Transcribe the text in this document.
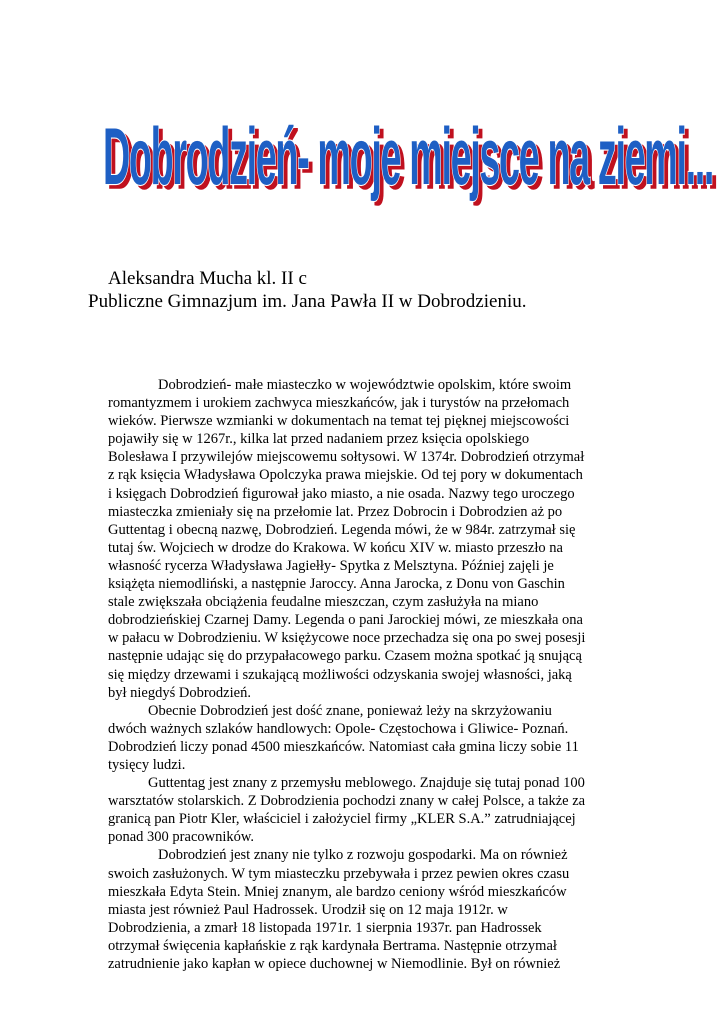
Dobrodzień- moje miejsce na ziemi...
Dobrodzień- moje miejsce na ziemi...
Aleksandra Mucha kl. II c
Publiczne Gimnazjum im. Jana Pawła II w Dobrodzieniu.

Dobrodzień- małe miasteczko w województwie opolskim, które swoim romantyzmem i urokiem zachwyca mieszkańców, jak i turystów na przełomach wieków. Pierwsze wzmianki w dokumentach na temat tej pięknej miejscowości pojawiły się w 1267r., kilka lat przed nadaniem przez księcia opolskiego Bolesława I przywilejów miejscowemu sołtysowi. W 1374r. Dobrodzień otrzymał z rąk księcia Władysława Opolczyka prawa miejskie. Od tej pory w dokumentach i księgach Dobrodzień figurował jako miasto, a nie osada. Nazwy tego uroczego miasteczka zmieniały się na przełomie lat. Przez Dobrocin i Dobrodzien aż po Guttentag i obecną nazwę, Dobrodzień. Legenda mówi, że w 984r. zatrzymał się tutaj św. Wojciech w drodze do Krakowa. W końcu XIV w. miasto przeszło na własność rycerza Władysława Jagiełły- Spytka z Melsztyna. Później zajęli je książęta niemodliński, a następnie Jaroccy. Anna Jarocka, z Donu von Gaschin stale zwiększała obciążenia feudalne mieszczan, czym zasłużyła na miano dobrodzieńskiej Czarnej Damy. Legenda o pani Jarockiej mówi, ze mieszkała ona w pałacu w Dobrodzieniu. W księżycowe noce przechadza się ona po swej posesji następnie udając się do przypałacowego parku. Czasem można spotkać ją snującą się między drzewami i szukającą możliwości odzyskania swojej własności, jaką był niegdyś Dobrodzień.

Obecnie Dobrodzień jest dość znane, ponieważ leży na skrzyżowaniu dwóch ważnych szlaków handlowych: Opole- Częstochowa i Gliwice- Poznań. Dobrodzień liczy ponad 4500 mieszkańców. Natomiast cała gmina liczy sobie 11 tysięcy ludzi.

Guttentag jest znany z przemysłu meblowego. Znajduje się tutaj ponad 100 warsztatów stolarskich. Z Dobrodzienia pochodzi znany w całej Polsce, a także za granicą pan Piotr Kler, właściciel i założyciel firmy „KLER S.A.” zatrudniającej ponad 300 pracowników.

Dobrodzień jest znany nie tylko z rozwoju gospodarki. Ma on również swoich zasłużonych. W tym miasteczku przebywała i przez pewien okres czasu mieszkała Edyta Stein. Mniej znanym, ale bardzo ceniony wśród mieszkańców miasta jest również Paul Hadrossek. Urodził się on 12 maja 1912r. w Dobrodzienia, a zmarł 18 listopada 1971r. 1 sierpnia 1937r. pan Hadrossek otrzymał święcenia kapłańskie z rąk kardynała Bertrama. Następnie otrzymał zatrudnienie jako kapłan w opiece duchownej w Niemodlinie. Był on również
